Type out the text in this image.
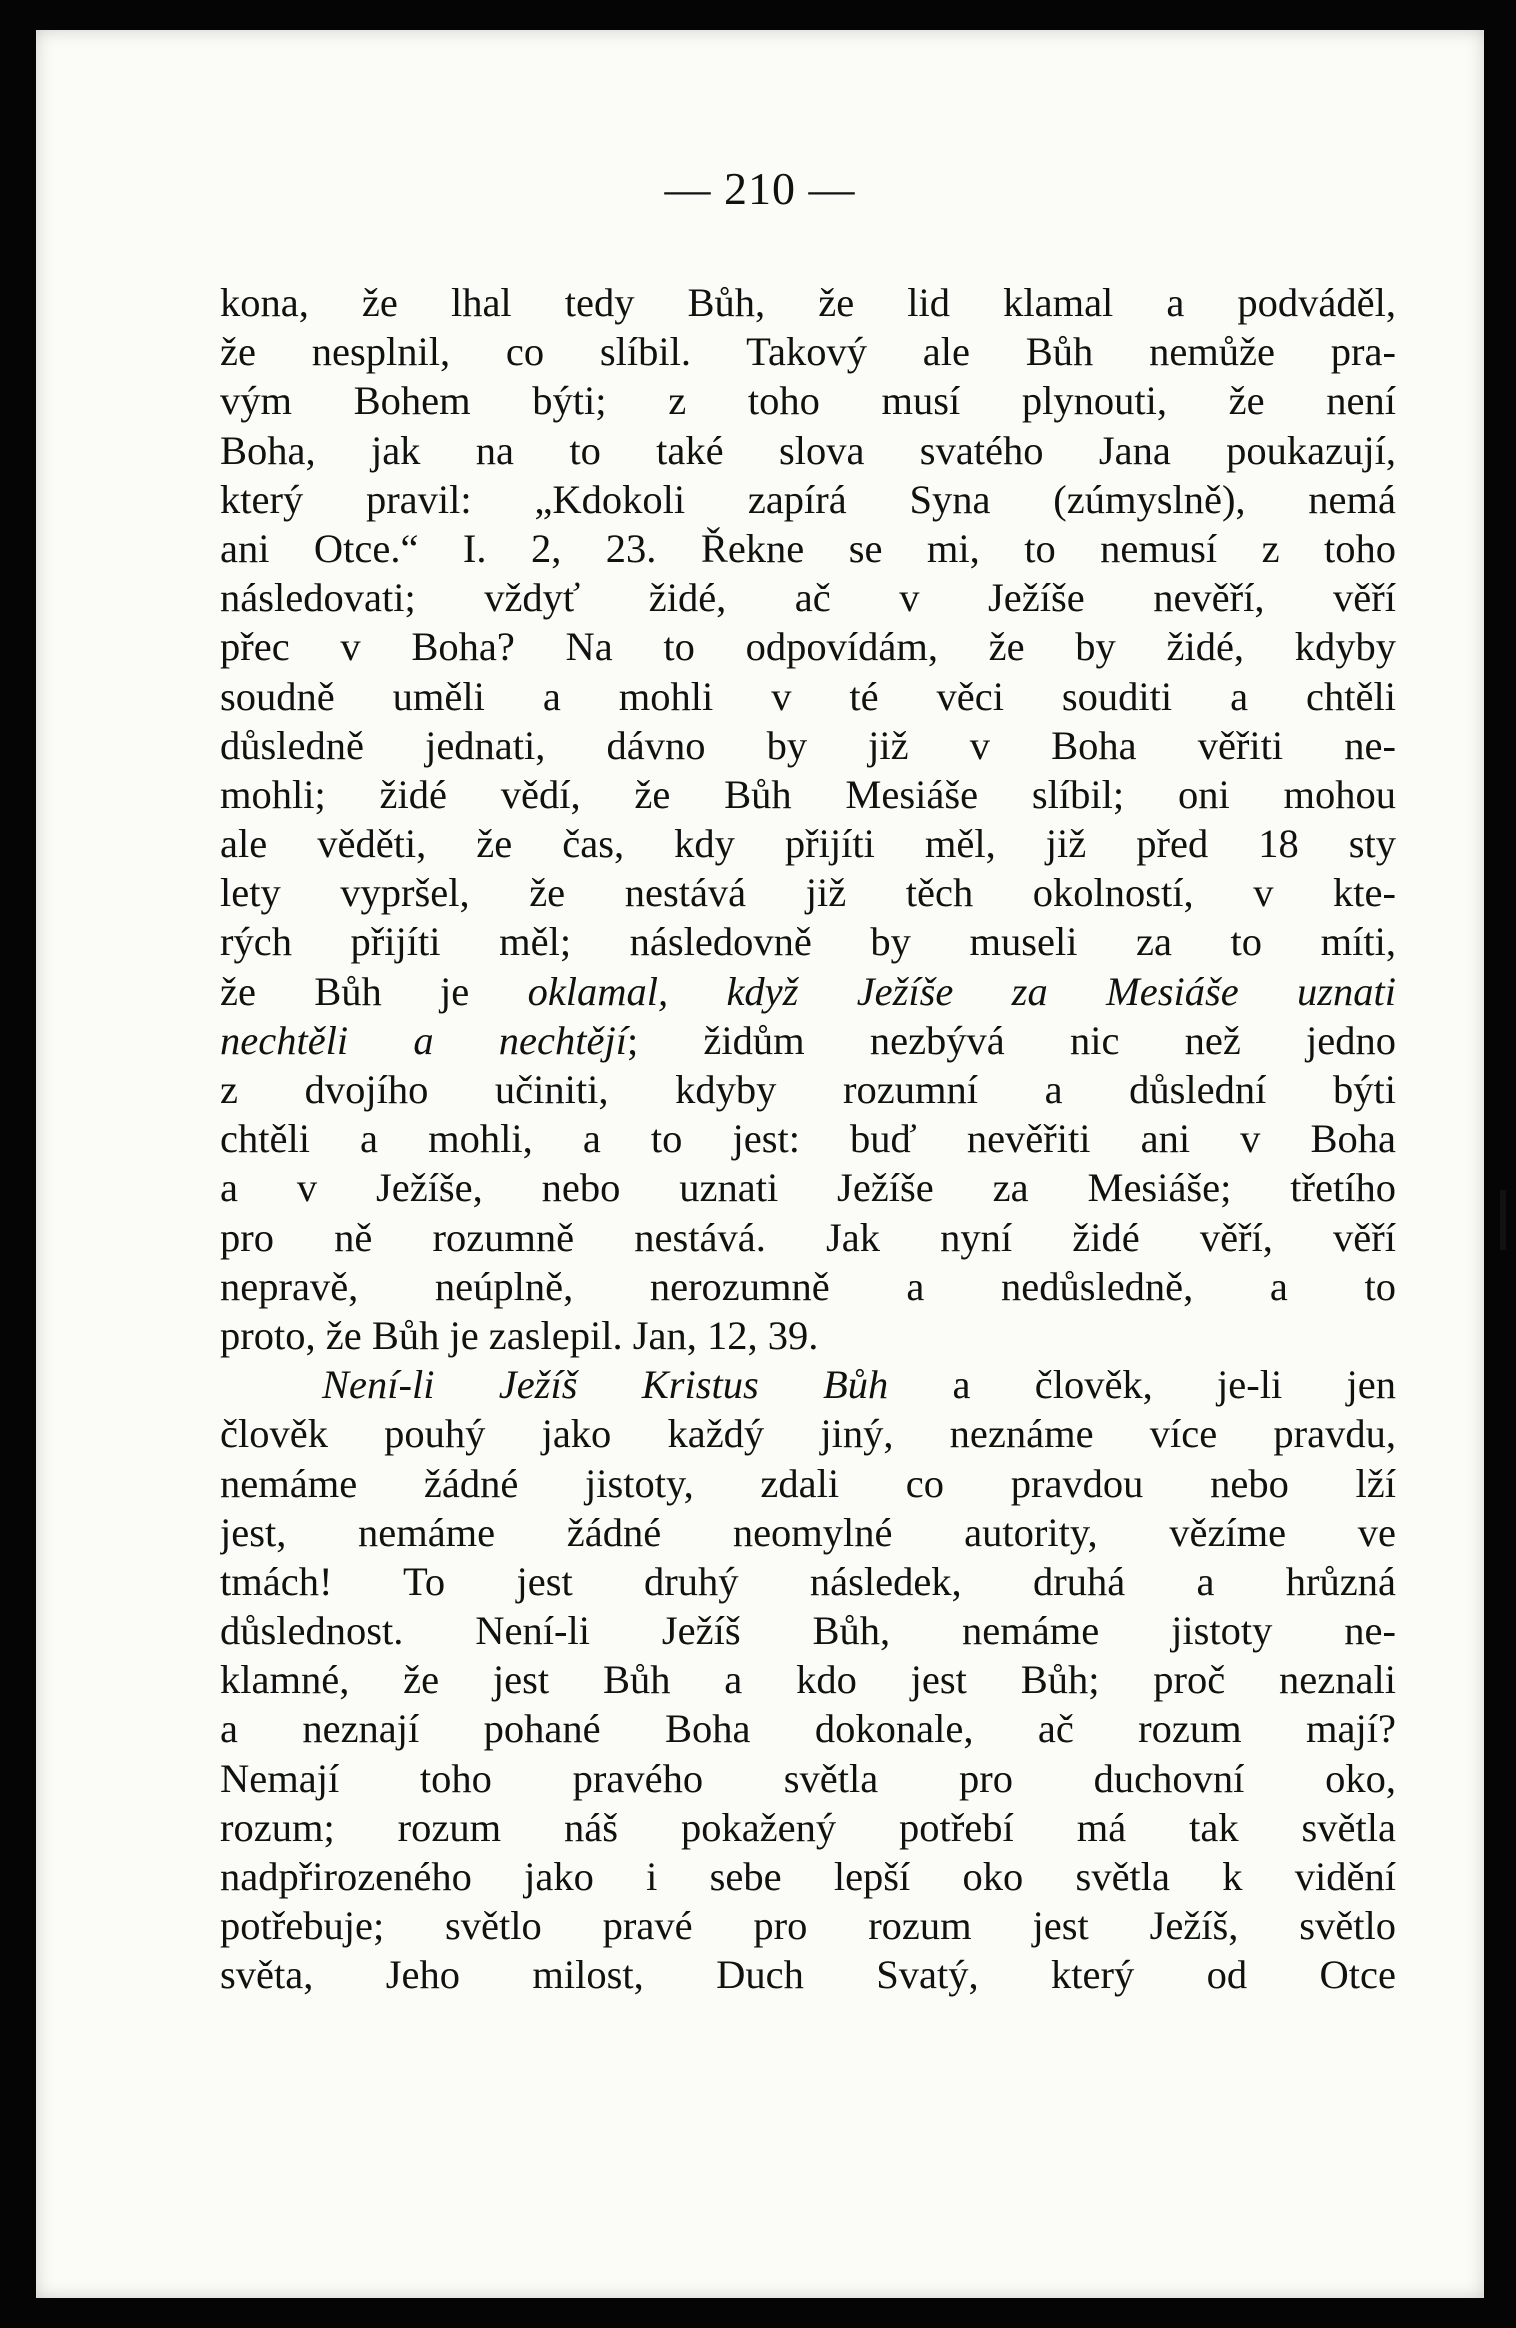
— 210 —
kona, že lhal tedy Bůh, že lid klamal a podváděl,
že nesplnil, co slíbil. Takový ale Bůh nemůže pra-
vým Bohem býti; z toho musí plynouti, že není
Boha, jak na to také slova svatého Jana poukazují,
který pravil: „Kdokoli zapírá Syna (zúmyslně), nemá
ani Otce.“ I. 2, 23. Řekne se mi, to nemusí z toho
následovati; vždyť židé, ač v Ježíše nevěří, věří
přec v Boha? Na to odpovídám, že by židé, kdyby
soudně uměli a mohli v té věci souditi a chtěli
důsledně jednati, dávno by již v Boha věřiti ne-
mohli; židé vědí, že Bůh Mesiáše slíbil; oni mohou
ale věděti, že čas, kdy přijíti měl, již před 18 sty
lety vypršel, že nestává již těch okolností, v kte-
rých přijíti měl; následovně by museli za to míti,
že Bůh je oklamal, když Ježíše za Mesiáše uznati
nechtěli a nechtějí; židům nezbývá nic než jedno
z dvojího učiniti, kdyby rozumní a důslední býti
chtěli a mohli, a to jest: buď nevěřiti ani v Boha
a v Ježíše, nebo uznati Ježíše za Mesiáše; třetího
pro ně rozumně nestává. Jak nyní židé věří, věří
nepravě, neúplně, nerozumně a nedůsledně, a to
proto, že Bůh je zaslepil. Jan, 12, 39.
Není-li Ježíš Kristus Bůh a člověk, je-li jen
člověk pouhý jako každý jiný, neznáme více pravdu,
nemáme žádné jistoty, zdali co pravdou nebo lží
jest, nemáme žádné neomylné autority, vězíme ve
tmách! To jest druhý následek, druhá a hrůzná
důslednost. Není-li Ježíš Bůh, nemáme jistoty ne-
klamné, že jest Bůh a kdo jest Bůh; proč neznali
a neznají pohané Boha dokonale, ač rozum mají?
Nemají toho pravého světla pro duchovní oko,
rozum; rozum náš pokažený potřebí má tak světla
nadpřirozeného jako i sebe lepší oko světla k vidění
potřebuje; světlo pravé pro rozum jest Ježíš, světlo
světa, Jeho milost, Duch Svatý, který od Otce
